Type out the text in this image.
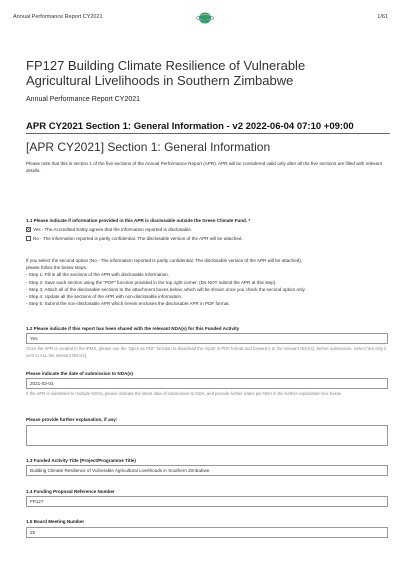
Annual Performance Report CY2021	1/61
FP127 Building Climate Resilience of Vulnerable Agricultural Livelihoods in Southern Zimbabwe
Annual Performance Report CY2021
APR CY2021 Section 1: General Information - v2 2022-06-04 07:10 +09:00
[APR CY2021] Section 1: General Information
Please note that this is section 1 of the five sections of the Annual Performance Report (APR). APR will be considered valid only after all the five sections are filled with relevant details.
1.1 Please indicate if information provided in this APR is disclosable outside the Green Climate Fund. *
X Yes - The Accredited Entity agrees that the information reported is disclosable.
No - The information reported is partly confidential. The disclosable version of the APR will be attached.
If you select the second option (No - The information reported is partly confidential. The disclosable version of the APR will be attached),
please follow the below steps.
- Step 1: Fill in all the sections of the APR with disclosable information.
- Step 2: Save each section using the "PDF" function provided in the top right corner. (Do NOT submit the APR at this step).
- Step 3: Attach all of the disclosable sections to the attachment boxes below, which will be shown once you check the second option only.
- Step 4: Update all the sections of the APR with non-disclosable information.
- Step 5: Submit the non-disclosable APR which herein encloses the disclosable APR in PDF format.
1.2 Please indicate if this report has been shared with the relevant NDA(s) for this Funded Activity
Yes
Once the APR is created in the iPMS, please use the 'Open as PDF' function to download the report in PDF format and forward it to the relevant NDA(s), before submission. Select Yes only if sent to ALL the relevant NDA(s).
Please indicate the date of submission to NDA(s)
2021-03-01
If the APR is submitted to multiple NDAs, please indicate the latest date of submission to NDA, and provide further dates per NDA in the further explanation box below.
Please provide further explanation, if any:
1.3 Funded Activity Title (Project/Programme Title)
Building Climate Resilience of Vulnerable Agricultural Livelihoods in Southern Zimbabwe
1.4 Funding Proposal Reference Number
FP127
1.5 Board Meeting Number
25
